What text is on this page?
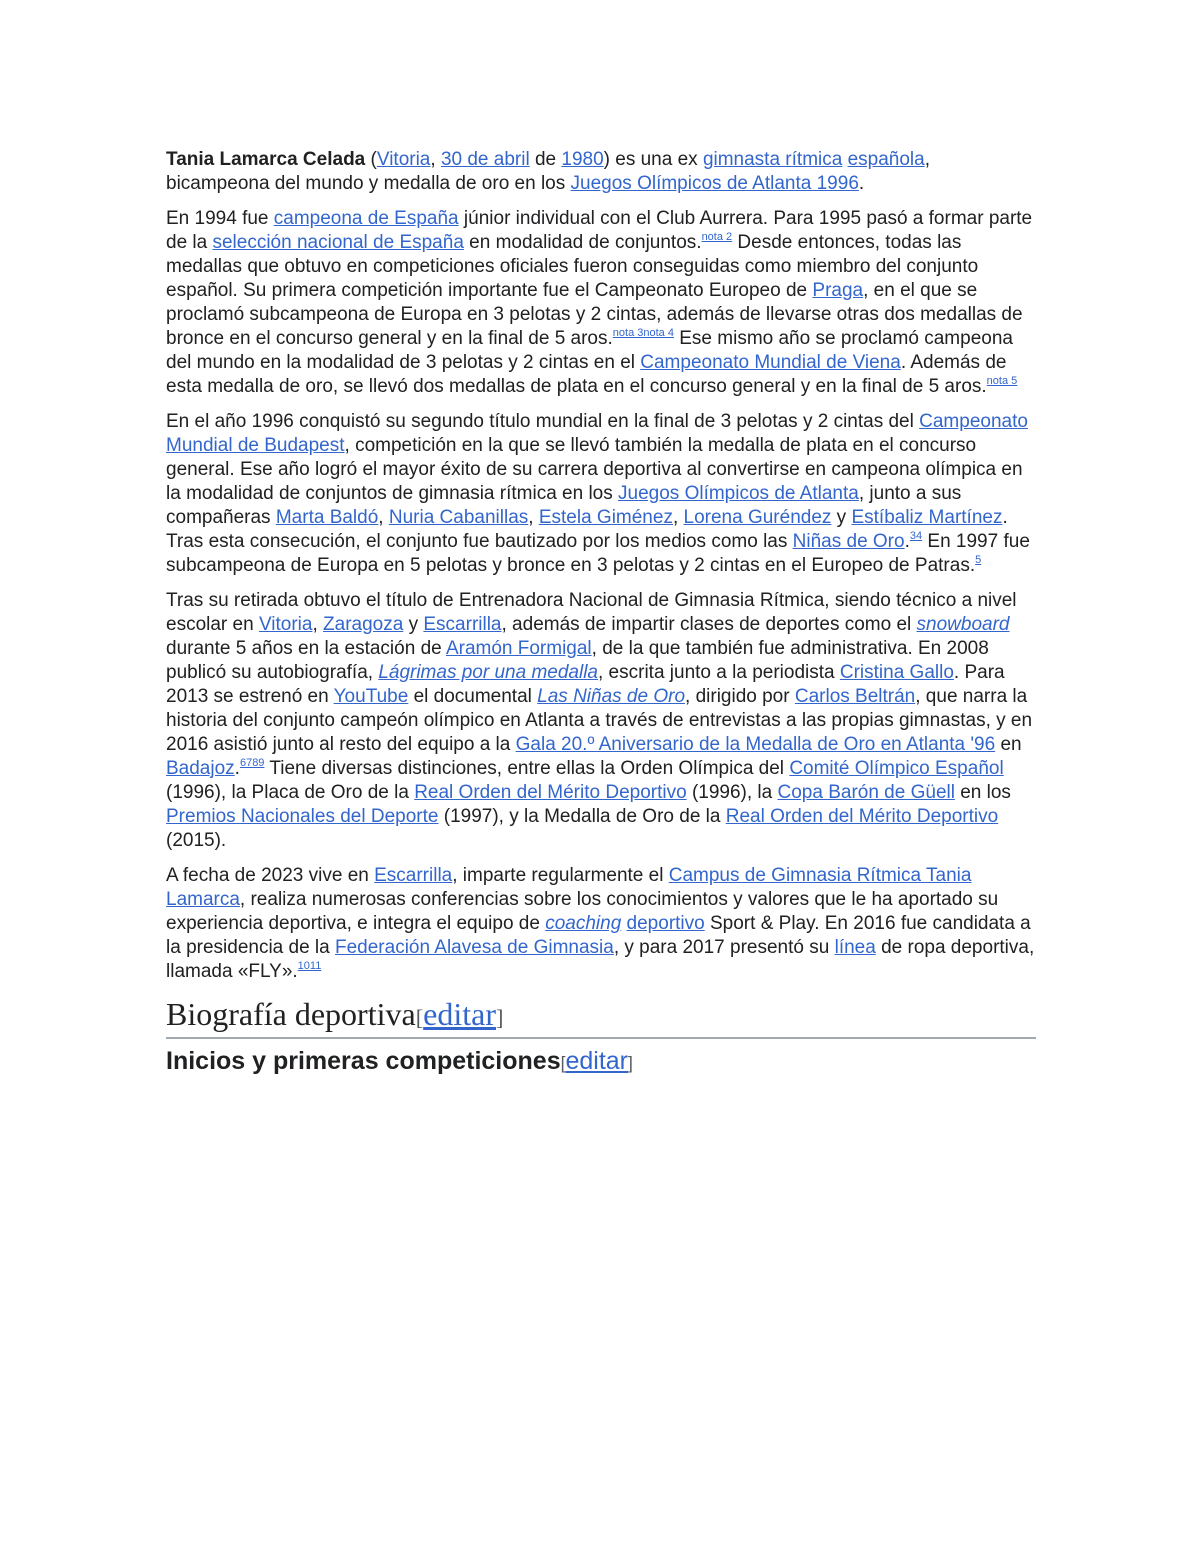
Tania Lamarca Celada (Vitoria, 30 de abril de 1980) es una ex gimnasta rítmica española, bicampeona del mundo y medalla de oro en los Juegos Olímpicos de Atlanta 1996.

En 1994 fue campeona de España júnior individual con el Club Aurrera. Para 1995 pasó a formar parte de la selección nacional de España en modalidad de conjuntos.$^{nota 2}$ Desde entonces, todas las medallas que obtuvo en competiciones oficiales fueron conseguidas como miembro del conjunto español. Su primera competición importante fue el Campeonato Europeo de Praga, en el que se proclamó subcampeona de Europa en 3 pelotas y 2 cintas, además de llevarse otras dos medallas de bronce en el concurso general y en la final de 5 aros.$^{nota 3nota 4}$ Ese mismo año se proclamó campeona del mundo en la modalidad de 3 pelotas y 2 cintas en el Campeonato Mundial de Viena. Además de esta medalla de oro, se llevó dos medallas de plata en el concurso general y en la final de 5 aros.$^{nota 5}$

En el año 1996 conquistó su segundo título mundial en la final de 3 pelotas y 2 cintas del Campeonato Mundial de Budapest, competición en la que se llevó también la medalla de plata en el concurso general. Ese año logró el mayor éxito de su carrera deportiva al convertirse en campeona olímpica en la modalidad de conjuntos de gimnasia rítmica en los Juegos Olímpicos de Atlanta, junto a sus compañeras Marta Baldó, Nuria Cabanillas, Estela Giménez, Lorena Guréndez y Estíbaliz Martínez. Tras esta consecución, el conjunto fue bautizado por los medios como las Niñas de Oro.$^{34}$ En 1997 fue subcampeona de Europa en 5 pelotas y bronce en 3 pelotas y 2 cintas en el Europeo de Patras.$^5$

Tras su retirada obtuvo el título de Entrenadora Nacional de Gimnasia Rítmica, siendo técnico a nivel escolar en Vitoria, Zaragoza y Escarrilla, además de impartir clases de deportes como el snowboard durante 5 años en la estación de Aramón Formigal, de la que también fue administrativa. En 2008 publicó su autobiografía, Lágrimas por una medalla, escrita junto a la periodista Cristina Gallo. Para 2013 se estrenó en YouTube el documental Las Niñas de Oro, dirigido por Carlos Beltrán, que narra la historia del conjunto campeón olímpico en Atlanta a través de entrevistas a las propias gimnastas, y en 2016 asistió junto al resto del equipo a la Gala 20.º Aniversario de la Medalla de Oro en Atlanta '96 en Badajoz.$^{6789}$ Tiene diversas distinciones, entre ellas la Orden Olímpica del Comité Olímpico Español (1996), la Placa de Oro de la Real Orden del Mérito Deportivo (1996), la Copa Barón de Güell en los Premios Nacionales del Deporte (1997), y la Medalla de Oro de la Real Orden del Mérito Deportivo (2015).

A fecha de 2023 vive en Escarrilla, imparte regularmente el Campus de Gimnasia Rítmica Tania Lamarca, realiza numerosas conferencias sobre los conocimientos y valores que le ha aportado su experiencia deportiva, e integra el equipo de coaching deportivo Sport & Play. En 2016 fue candidata a la presidencia de la Federación Alavesa de Gimnasia, y para 2017 presentó su línea de ropa deportiva, llamada «FLY».$^{1011}$

Biografía deportiva[editar]
Inicios y primeras competiciones[editar]
